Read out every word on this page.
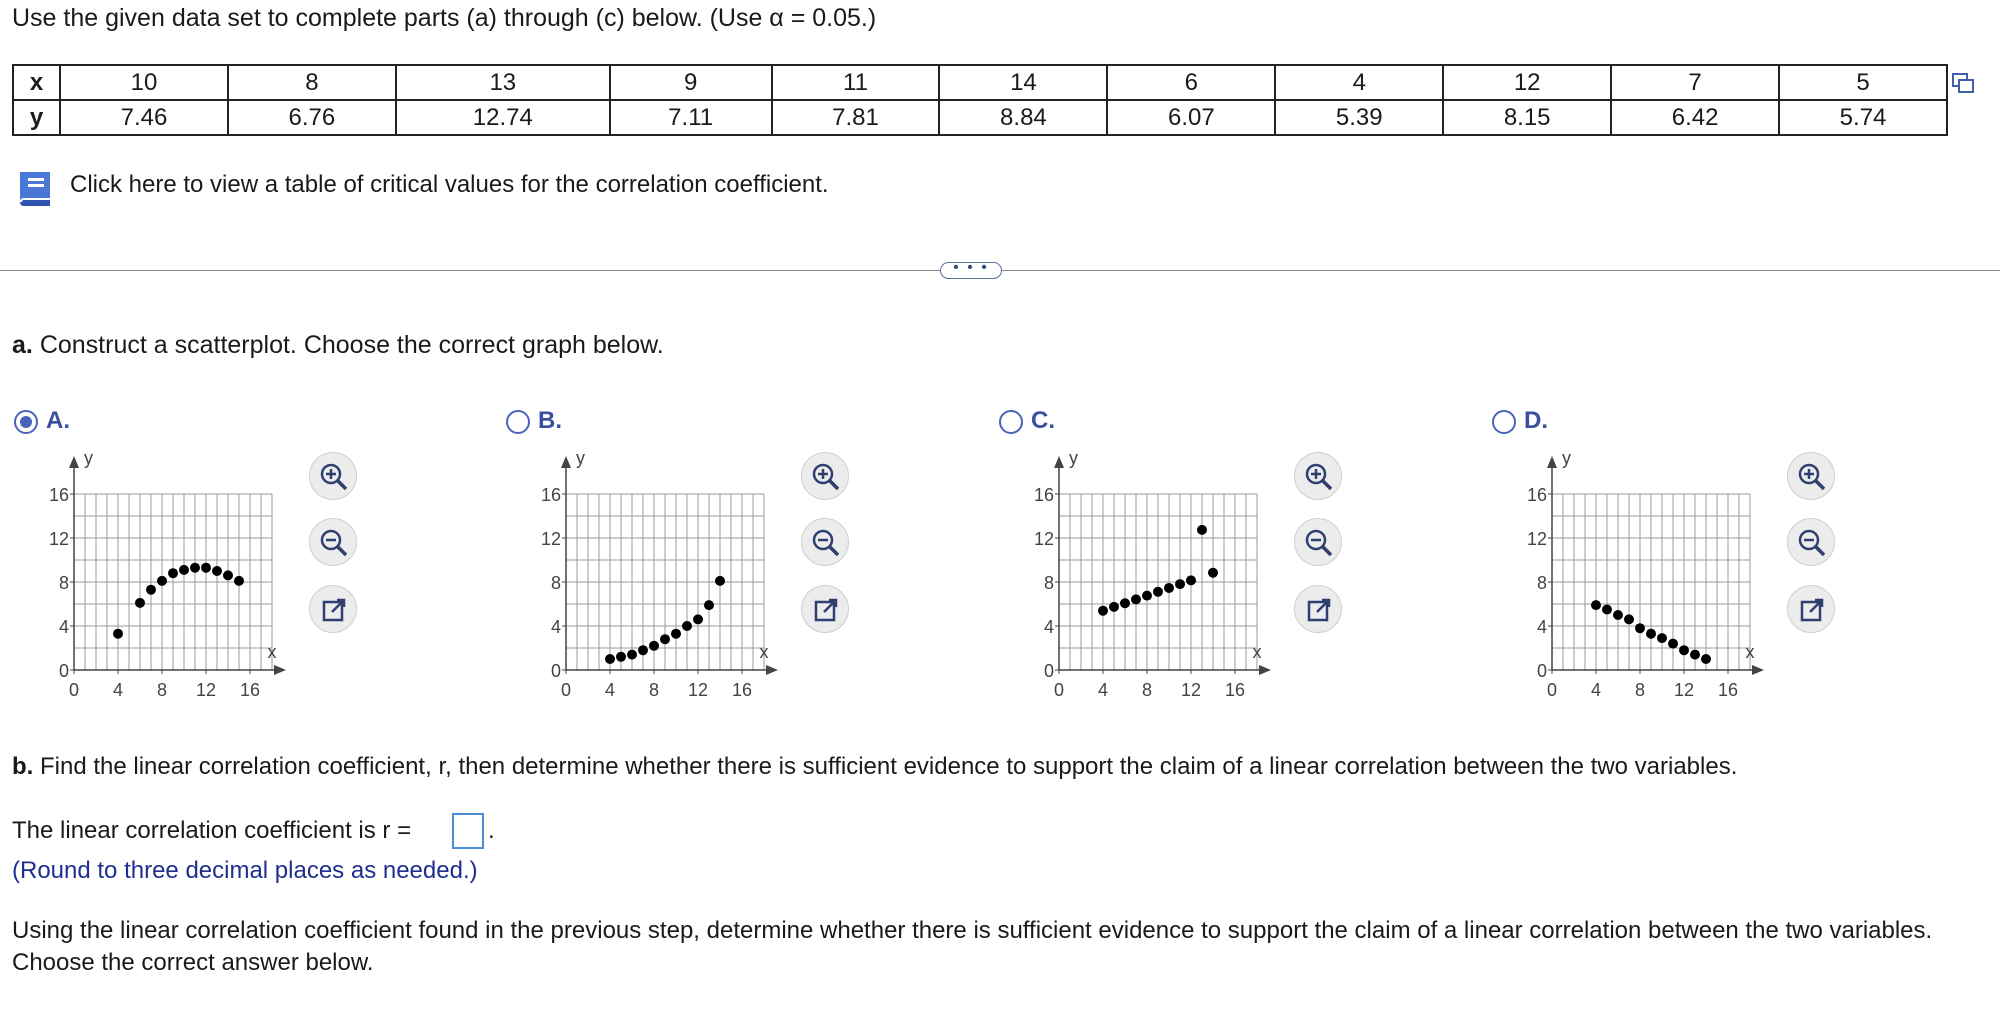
Use the given data set to complete parts (a) through (c) below. (Use α = 0.05.)
x	10	8	13	9	11	14	6	4	12	7	5
y	7.46	6.76	12.74	7.11	7.81	8.84	6.07	5.39	8.15	6.42	5.74
Click here to view a table of critical values for the correlation coefficient.
• • •
a. Construct a scatterplot. Choose the correct graph below.
A.
16
12
8
4
0
0 4 8 12 16
y
x
B.
16
12
8
4
0
0 4 8 12 16
y
x
C.
16
12
8
4
0
0 4 8 12 16
y
x
D.
16
12
8
4
0
0 4 8 12 16
y
x
b. Find the linear correlation coefficient, r, then determine whether there is sufficient evidence to support the claim of a linear correlation between the two variables.
The linear correlation coefficient is r =	.
(Round to three decimal places as needed.)
Using the linear correlation coefficient found in the previous step, determine whether there is sufficient evidence to support the claim of a linear correlation between the two variables. Choose the correct answer below.
